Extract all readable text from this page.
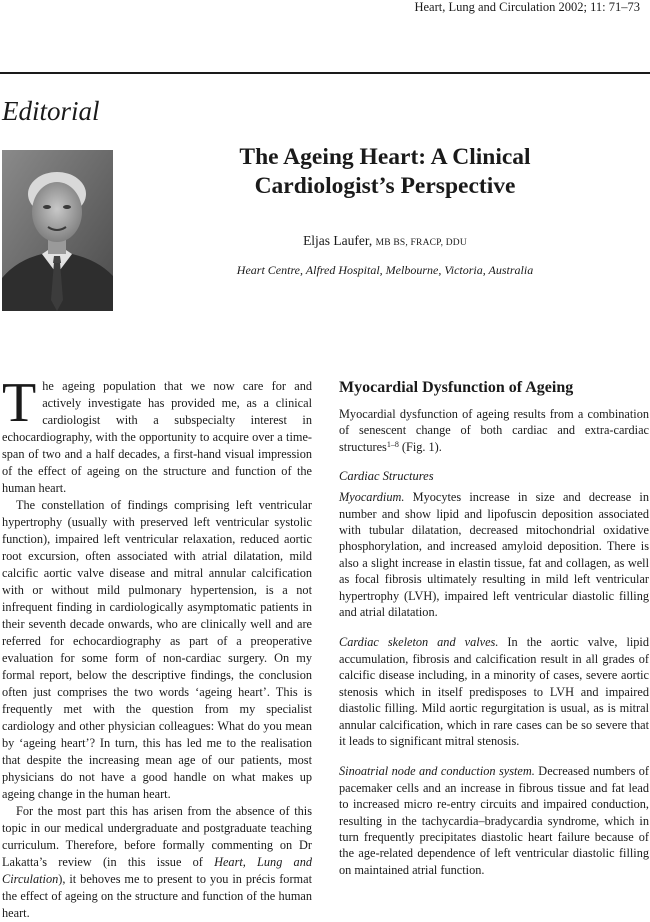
Heart, Lung and Circulation 2002; 11: 71–73
Editorial
The Ageing Heart: A Clinical
Cardiologist’s Perspective
Eljas Laufer, MB BS, FRACP, DDU
Heart Centre, Alfred Hospital, Melbourne, Victoria, Australia

The ageing population that we now care for and actively investigate has provided me, as a clinical cardiologist with a subspecialty interest in echocardiography, with the opportunity to acquire over a time-span of two and a half decades, a first-hand visual impression of the effect of ageing on the structure and function of the human heart.

The constellation of findings comprising left ventricular hypertrophy (usually with preserved left ventricular systolic function), impaired left ventricular relaxation, reduced aortic root excursion, often associated with atrial dilatation, mild calcific aortic valve disease and mitral annular calcification with or without mild pulmonary hypertension, is a not infrequent finding in cardiologically asymptomatic patients in their seventh decade onwards, who are clinically well and are referred for echocardiography as part of a preoperative evaluation for some form of non-cardiac surgery. On my formal report, below the descriptive findings, the conclusion often just comprises the two words ‘ageing heart’. This is frequently met with the question from my specialist cardiology and other physician colleagues: What do you mean by ‘ageing heart’? In turn, this has led me to the realisation that despite the increasing mean age of our patients, most physicians do not have a good handle on what makes up ageing change in the human heart.

For the most part this has arisen from the absence of this topic in our medical undergraduate and postgraduate teaching curriculum. Therefore, before formally commenting on Dr Lakatta’s review (in this issue of Heart, Lung and Circulation), it behoves me to present to you in précis format the effect of ageing on the structure and function of the human heart.

Myocardial Dysfunction of Ageing

Myocardial dysfunction of ageing results from a combination of senescent change of both cardiac and extra-cardiac structures$^{1-8}$ (Fig. 1).

Cardiac Structures

Myocardium. Myocytes increase in size and decrease in number and show lipid and lipofuscin deposition associated with tubular dilatation, decreased mitochondrial oxidative phosphorylation, and increased amyloid deposition. There is also a slight increase in elastin tissue, fat and collagen, as well as focal fibrosis ultimately resulting in mild left ventricular hypertrophy (LVH), impaired left ventricular diastolic filling and atrial dilatation.

Cardiac skeleton and valves. In the aortic valve, lipid accumulation, fibrosis and calcification result in all grades of calcific disease including, in a minority of cases, severe aortic stenosis which in itself predisposes to LVH and impaired diastolic filling. Mild aortic regurgitation is usual, as is mitral annular calcification, which in rare cases can be so severe that it leads to significant mitral stenosis.

Sinoatrial node and conduction system. Decreased numbers of pacemaker cells and an increase in fibrous tissue and fat lead to increased micro re-entry circuits and impaired conduction, resulting in the tachycardia–bradycardia syndrome, which in turn frequently precipitates diastolic heart failure because of the age-related dependence of left ventricular diastolic filling on maintained atrial function.
